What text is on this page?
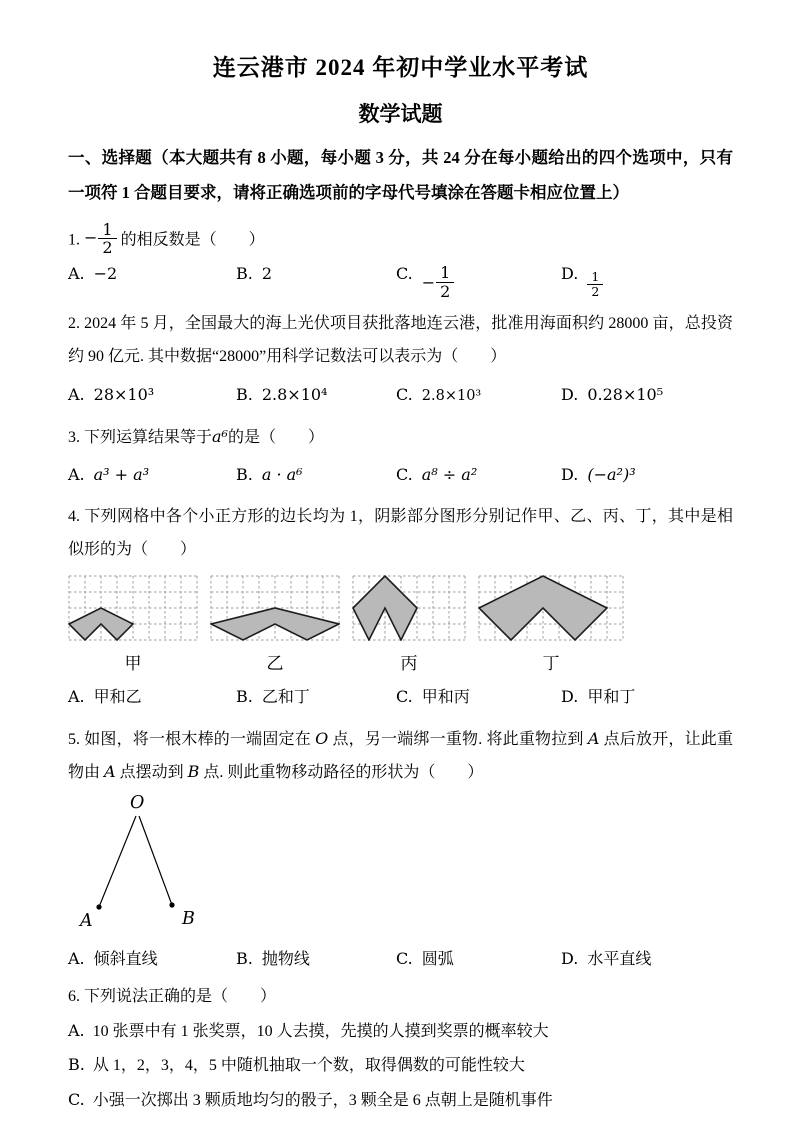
连云港市 2024 年初中学业水平考试
数学试题
一、选择题（本大题共有 8 小题，每小题 3 分，共 24 分在每小题给出的四个选项中，只有一项符 1 合题目要求，请将正确选项前的字母代号填涂在答题卡相应位置上）
1. − $\frac{1}{2}$ 的相反数是（　　）
A. −2	B. 2	C. − $\frac{1}{2}$	D. $\frac{1}{2}$
2. 2024 年 5 月，全国最大的海上光伏项目获批落地连云港，批准用海面积约 28000 亩，总投资约 90 亿元. 其中数据“28000”用科学记数法可以表示为（　　）
A. 28×10³	B. 2.8×10⁴	C. 2.8×10³	D. 0.28×10⁵
3. 下列运算结果等于a⁶的是（　　）
A. a³ + a³	B. a · a⁶	C. a⁸ ÷ a²	D. (−a²)³
4. 下列网格中各个小正方形的边长均为 1，阴影部分图形分别记作甲、乙、丙、丁，其中是相似形的为（　　）
甲	乙	丙	丁
A. 甲和乙	B. 乙和丁	C. 甲和丙	D. 甲和丁
5. 如图，将一根木棒的一端固定在 O 点，另一端绑一重物. 将此重物拉到 A 点后放开，让此重物由 A 点摆动到 B 点. 则此重物移动路径的形状为（　　）
O
A	B
A. 倾斜直线	B. 抛物线	C. 圆弧	D. 水平直线
6. 下列说法正确的是（　　）
A. 10 张票中有 1 张奖票，10 人去摸，先摸的人摸到奖票的概率较大
B. 从 1，2，3，4，5 中随机抽取一个数，取得偶数的可能性较大
C. 小强一次掷出 3 颗质地均匀的骰子，3 颗全是 6 点朝上是随机事件
